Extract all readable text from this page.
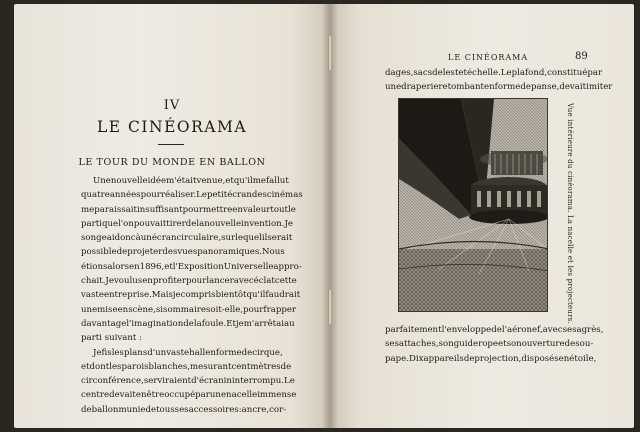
IV
LE CINÉORAMA
LE TOUR DU MONDE EN BALLON
Une nouvelle idée m'était venue, et qu'il me fallut
quatre années pour réaliser. Le petit écran des cinémas
me paraissait insuffisant pour mettre en valeur tout le
parti que l'on pouvait tirer de la nouvelle invention. Je
songeai donc à un écran circulaire, sur lequel il serait
possible de projeter des vues panoramiques. Nous
étions alors en 1896, et l'Exposition Universelle appro-
chait. Je voulus en profiter pour lancer avec éclat cette
vaste entreprise. Mais je compris bientôt qu'il faudrait
une mise en scène, si sommaire soit-elle, pour frapper
davantage l'imagination de la foule. Et je m'arrêtai au
parti suivant :
Je fis les plans d'un vaste hall en forme de cirque,
et dont les parois blanches, mesurant cent mètres de
circonférence, serviraient d'écran ininterrompu. Le
centre devait en être occupé par une nacelle immense
de ballon munie de tous ses accessoires : ancre, cor-
LE CINÉORAMA	89
dages, sacs de lest et échelle. Le plafond, constitué par
une draperie retombant en forme de panse, devait imiter
Vue intérieure du cinéorama. La nacelle et les projecteurs.
parfaitement l'enveloppe de l'aéronef, avec ses agrès,
ses attaches, son guiderope et son ouverture de sou-
pape. Dix appareils de projection, disposés en étoile,
